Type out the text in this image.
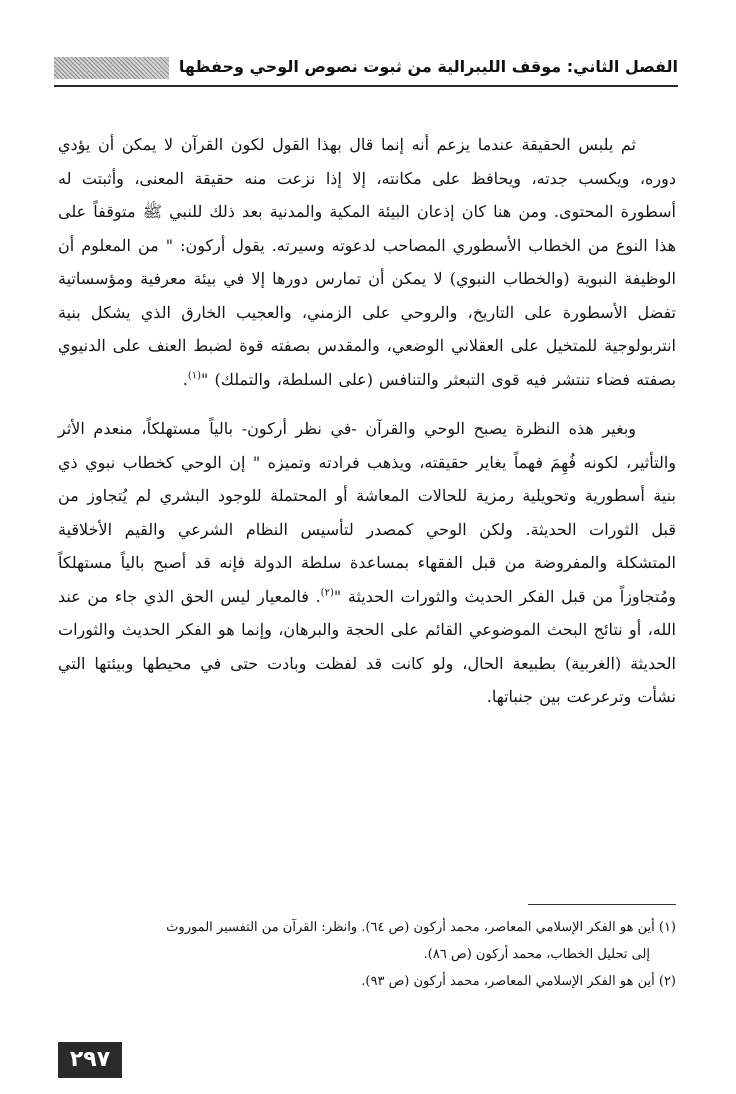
الفصل الثاني: موقف الليبرالية من ثبوت نصوص الوحي وحفظها

ثم يلبس الحقيقة عندما يزعم أنه إنما قال بهذا القول لكون القرآن لا يمكن أن يؤدي دوره، ويكسب جدته، ويحافظ على مكانته، إلا إذا نزعت منه حقيقة المعنى، وأثبتت له أسطورة المحتوى. ومن هنا كان إذعان البيئة المكية والمدنية بعد ذلك للنبي ﷺ متوقفاً على هذا النوع من الخطاب الأسطوري المصاحب لدعوته وسيرته. يقول أركون: " من المعلوم أن الوظيفة النبوية (والخطاب النبوي) لا يمكن أن تمارس دورها إلا في بيئة معرفية ومؤسساتية تفضل الأسطورة على التاريخ، والروحي على الزمني، والعجيب الخارق الذي يشكل بنية انتربولوجية للمتخيل على العقلاني الوضعي، والمقدس بصفته قوة لضبط العنف على الدنيوي بصفته فضاء تنتشر فيه قوى التبعثر والتنافس (على السلطة، والتملك) "$^{(١)}$.

وبغير هذه النظرة يصبح الوحي والقرآن -في نظر أركون- بالياً مستهلكاً، منعدم الأثر والتأثير، لكونه فُهِمَ فهماً يغاير حقيقته، ويذهب فرادته وتميزه " إن الوحي كخطاب نبوي ذي بنية أسطورية وتحويلية رمزية للحالات المعاشة أو المحتملة للوجود البشري لم يُتجاوز من قبل الثورات الحديثة. ولكن الوحي كمصدر لتأسيس النظام الشرعي والقيم الأخلاقية المتشكلة والمفروضة من قبل الفقهاء بمساعدة سلطة الدولة فإنه قد أصبح بالياً مستهلكاً ومُتجاوزاً من قبل الفكر الحديث والثورات الحديثة "$^{(٢)}$. فالمعيار ليس الحق الذي جاء من عند الله، أو نتائج البحث الموضوعي القائم على الحجة والبرهان، وإنما هو الفكر الحديث والثورات الحديثة (الغربية) بطبيعة الحال، ولو كانت قد لفظت وبادت حتى في محيطها وبيئتها التي نشأت وترعرعت بين جنباتها.

(١) أين هو الفكر الإسلامي المعاصر، محمد أركون (ص ٦٤). وانظر: القرآن من التفسير الموروث

إلى تحليل الخطاب، محمد أركون (ص ٨٦).

(٢) أين هو الفكر الإسلامي المعاصر، محمد أركون (ص ٩٣).

٢٩٧
